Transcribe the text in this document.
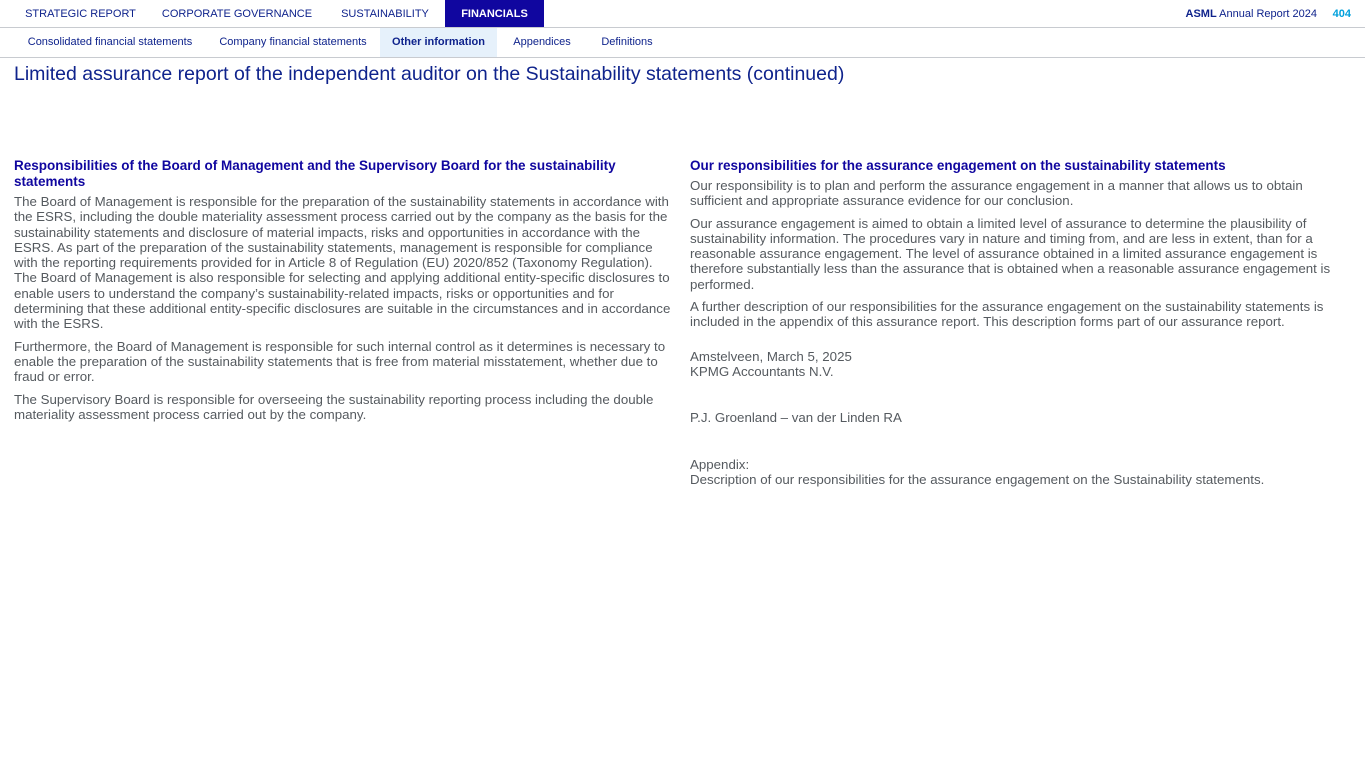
STRATEGIC REPORT	CORPORATE GOVERNANCE	SUSTAINABILITY	FINANCIALS	ASML Annual Report 2024 404
Consolidated financial statements	Company financial statements	Other information	Appendices	Definitions
Limited assurance report of the independent auditor on the Sustainability statements (continued)
Responsibilities of the Board of Management and the Supervisory Board for the sustainability statements

The Board of Management is responsible for the preparation of the sustainability statements in accordance with the ESRS, including the double materiality assessment process carried out by the company as the basis for the sustainability statements and disclosure of material impacts, risks and opportunities in accordance with the ESRS. As part of the preparation of the sustainability statements, management is responsible for compliance with the reporting requirements provided for in Article 8 of Regulation (EU) 2020/852 (Taxonomy Regulation). The Board of Management is also responsible for selecting and applying additional entity-specific disclosures to enable users to understand the company’s sustainability-related impacts, risks or opportunities and for determining that these additional entity-specific disclosures are suitable in the circumstances and in accordance with the ESRS.

Furthermore, the Board of Management is responsible for such internal control as it determines is necessary to enable the preparation of the sustainability statements that is free from material misstatement, whether due to fraud or error.

The Supervisory Board is responsible for overseeing the sustainability reporting process including the double materiality assessment process carried out by the company.

Our responsibilities for the assurance engagement on the sustainability statements

Our responsibility is to plan and perform the assurance engagement in a manner that allows us to obtain sufficient and appropriate assurance evidence for our conclusion.

Our assurance engagement is aimed to obtain a limited level of assurance to determine the plausibility of sustainability information. The procedures vary in nature and timing from, and are less in extent, than for a reasonable assurance engagement. The level of assurance obtained in a limited assurance engagement is therefore substantially less than the assurance that is obtained when a reasonable assurance engagement is performed.

A further description of our responsibilities for the assurance engagement on the sustainability statements is included in the appendix of this assurance report. This description forms part of our assurance report.

Amstelveen, March 5, 2025
KPMG Accountants N.V.

P.J. Groenland – van der Linden RA

Appendix:
Description of our responsibilities for the assurance engagement on the Sustainability statements.
